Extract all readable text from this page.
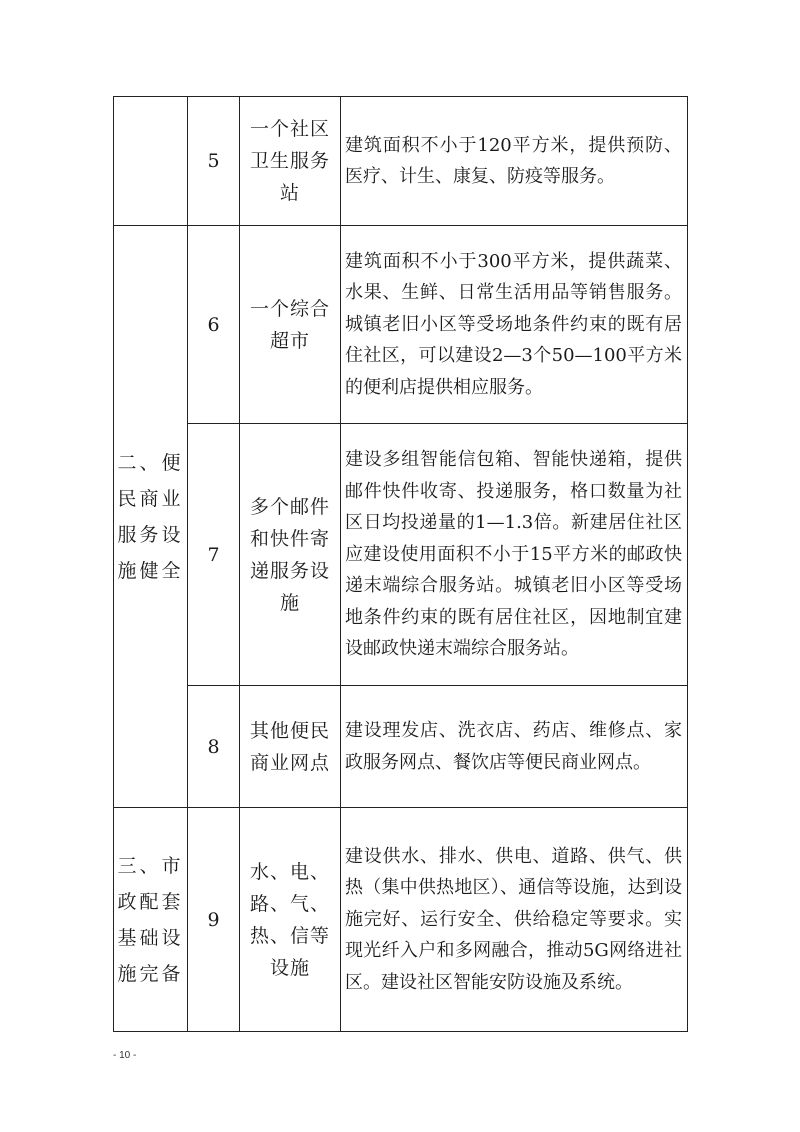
	5	一个社区卫生服务站	建筑面积不小于120平方米，提供预防、医疗、计生、康复、防疫等服务。

二、便民商业服务设施健全	6	一个综合超市	建筑面积不小于300平方米，提供蔬菜、水果、生鲜、日常生活用品等销售服务。城镇老旧小区等受场地条件约束的既有居住社区，可以建设2—3个50—100平方米的便利店提供相应服务。

	7	多个邮件和快件寄递服务设施	建设多组智能信包箱、智能快递箱，提供邮件快件收寄、投递服务，格口数量为社区日均投递量的1—1.3倍。新建居住社区应建设使用面积不小于15平方米的邮政快递末端综合服务站。城镇老旧小区等受场地条件约束的既有居住社区，因地制宜建设邮政快递末端综合服务站。

	8	其他便民商业网点	建设理发店、洗衣店、药店、维修点、家政服务网点、餐饮店等便民商业网点。

三、市政配套基础设施完备	9	水、电、路、气、热、信等设施	建设供水、排水、供电、道路、供气、供热（集中供热地区）、通信等设施，达到设施完好、运行安全、供给稳定等要求。实现光纤入户和多网融合，推动5G网络进社区。建设社区智能安防设施及系统。
- 10 -
